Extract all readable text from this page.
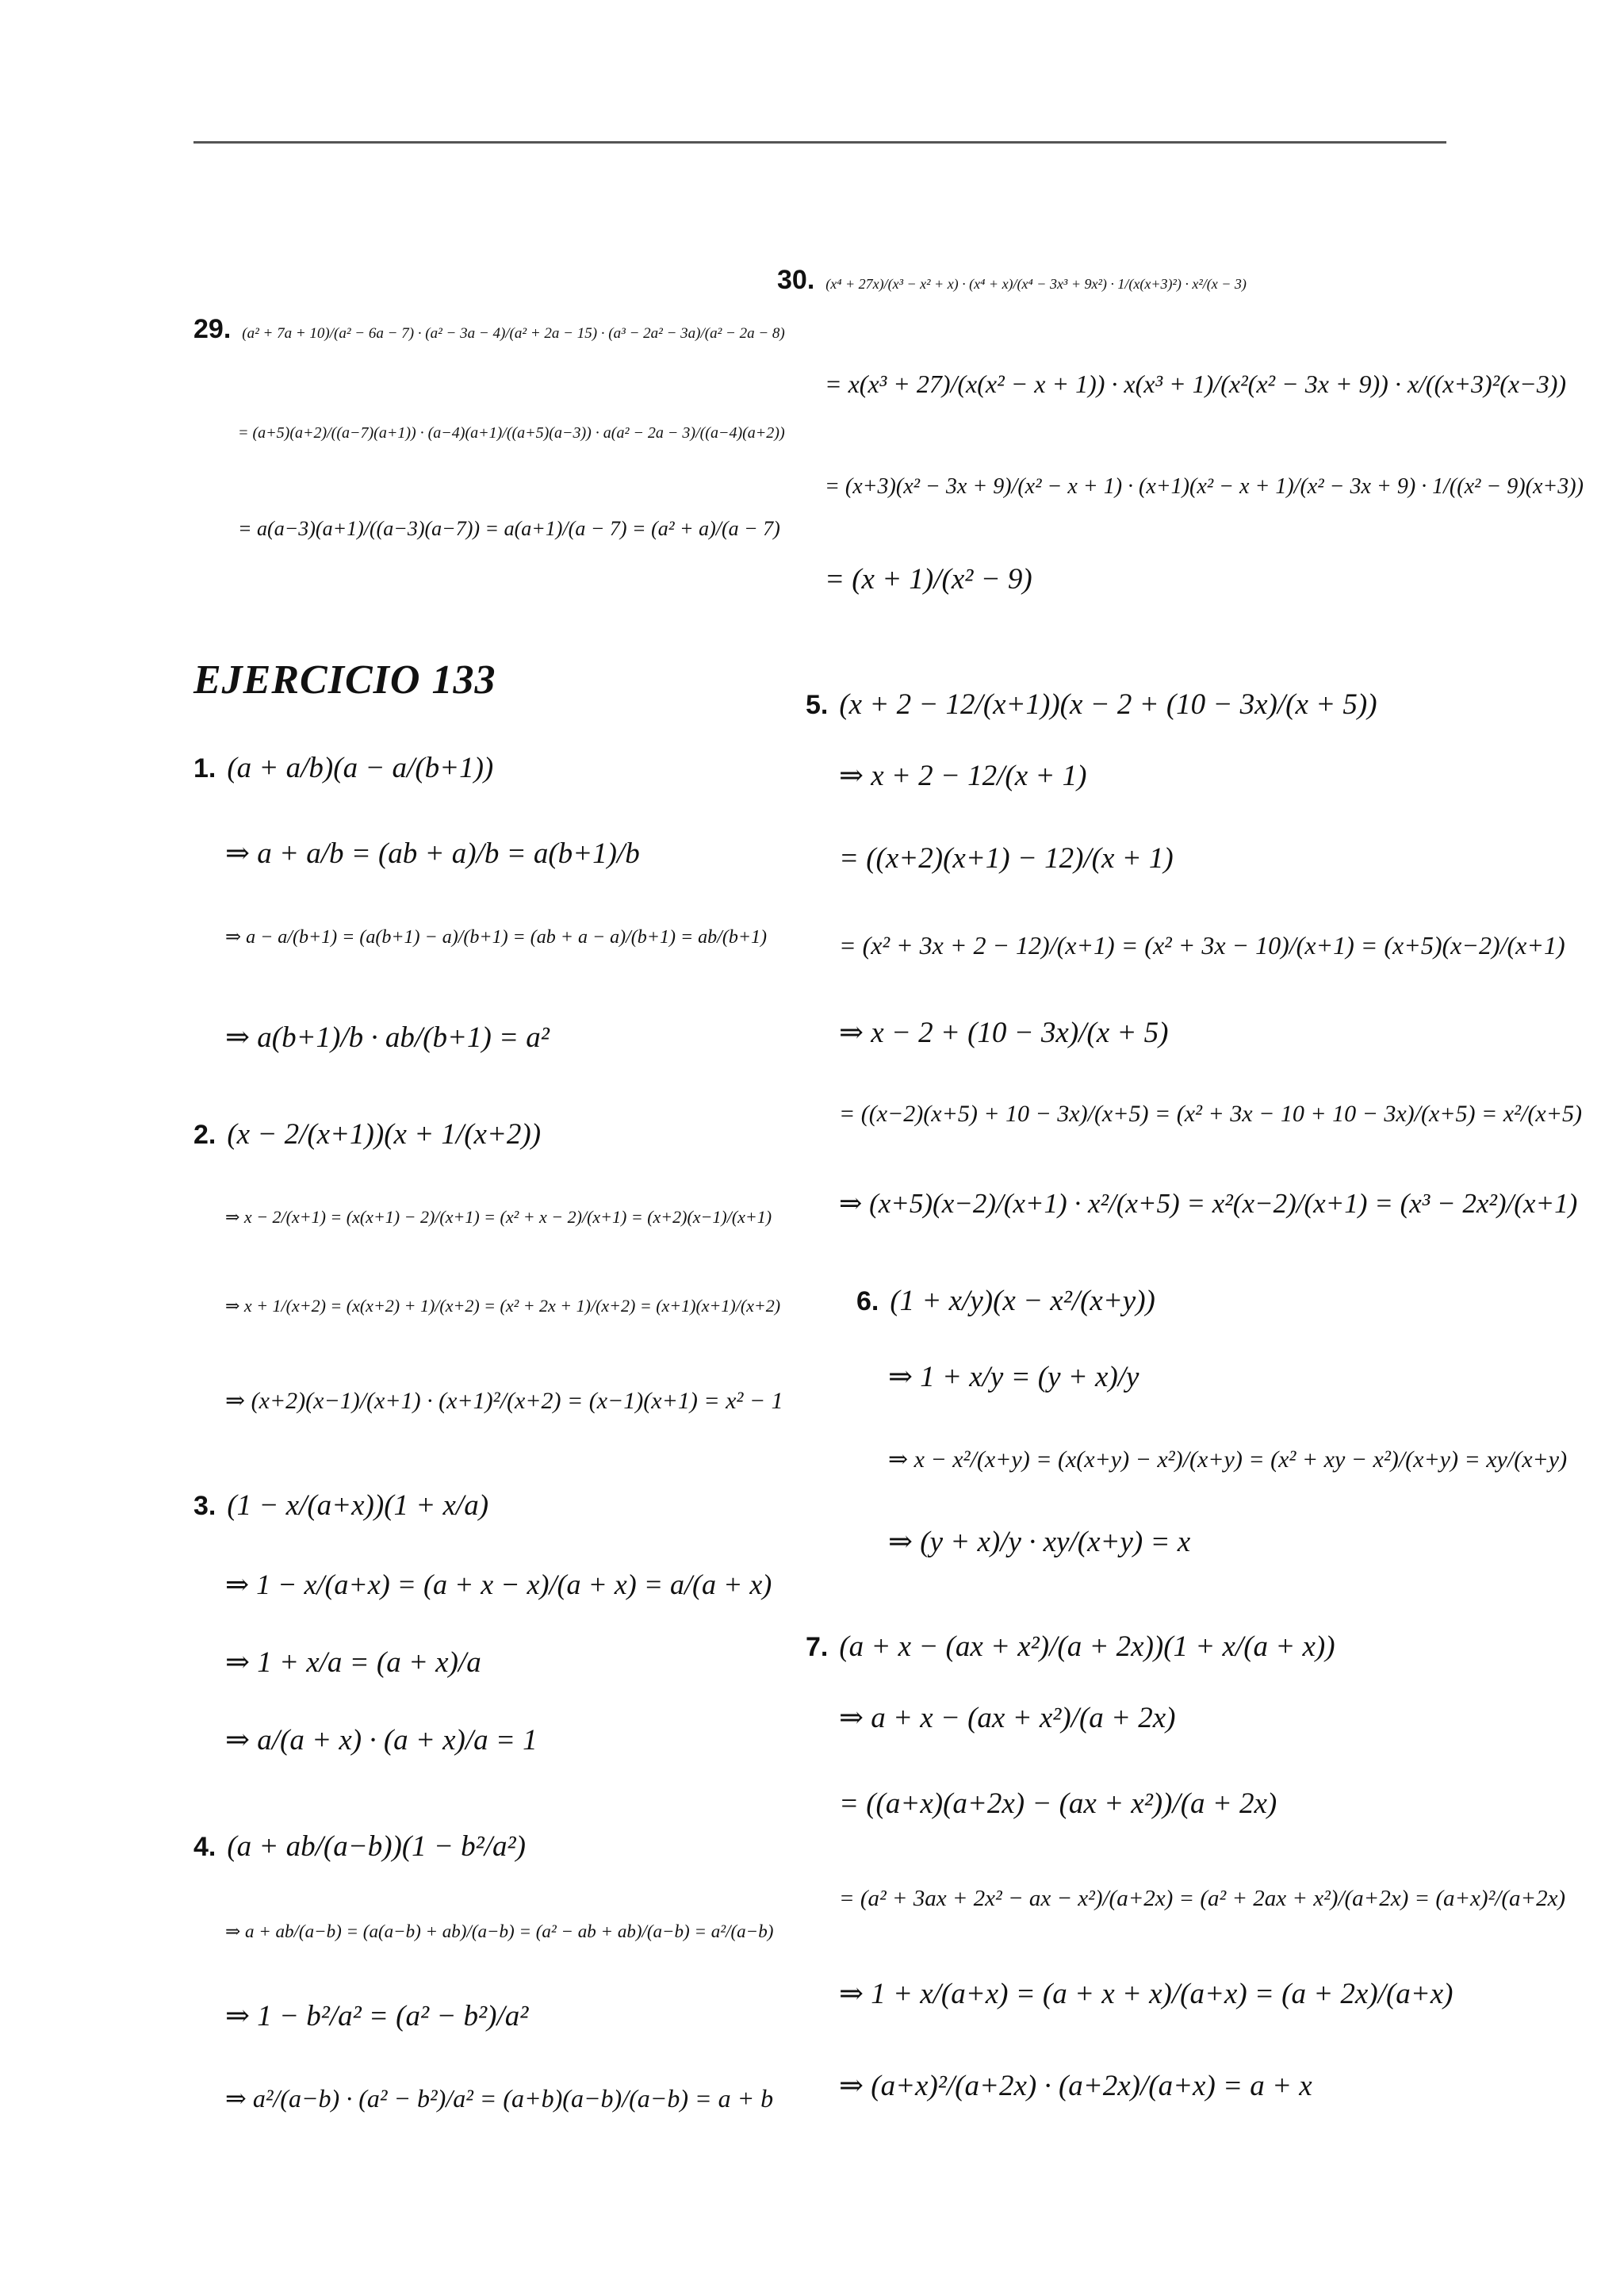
29. (a² + 7a + 10)/(a² − 6a − 7) · (a² − 3a − 4)/(a² + 2a − 15) · (a³ − 2a² − 3a)/(a² − 2a − 8)
= (a+5)(a+2)/((a−7)(a+1)) · (a−4)(a+1)/((a+5)(a−3)) · a(a² − 2a − 3)/((a−4)(a+2))
= a(a−3)(a+1)/((a−3)(a−7)) = a(a+1)/(a − 7) = (a² + a)/(a − 7)
30. (x⁴ + 27x)/(x³ − x² + x) · (x⁴ + x)/(x⁴ − 3x³ + 9x²) · 1/(x(x+3)²) · x²/(x − 3)
= x(x³ + 27)/(x(x² − x + 1)) · x(x³ + 1)/(x²(x² − 3x + 9)) · x/((x+3)²(x−3))
= (x+3)(x² − 3x + 9)/(x² − x + 1) · (x+1)(x² − x + 1)/(x² − 3x + 9) · 1/((x² − 9)(x+3))
= (x + 1)/(x² − 9)
EJERCICIO 133
1. (a + a/b)(a − a/(b+1))
⇒ a + a/b = (ab + a)/b = a(b+1)/b
⇒ a − a/(b+1) = (a(b+1) − a)/(b+1) = (ab + a − a)/(b+1) = ab/(b+1)
⇒ a(b+1)/b · ab/(b+1) = a²
2. (x − 2/(x+1))(x + 1/(x+2))
⇒ x − 2/(x+1) = (x(x+1) − 2)/(x+1) = (x² + x − 2)/(x+1) = (x+2)(x−1)/(x+1)
⇒ x + 1/(x+2) = (x(x+2) + 1)/(x+2) = (x² + 2x + 1)/(x+2) = (x+1)(x+1)/(x+2)
⇒ (x+2)(x−1)/(x+1) · (x+1)²/(x+2) = (x−1)(x+1) = x² − 1
3. (1 − x/(a+x))(1 + x/a)
⇒ 1 − x/(a+x) = (a + x − x)/(a + x) = a/(a + x)
⇒ 1 + x/a = (a + x)/a
⇒ a/(a + x) · (a + x)/a = 1
4. (a + ab/(a−b))(1 − b²/a²)
⇒ a + ab/(a−b) = (a(a−b) + ab)/(a−b) = (a² − ab + ab)/(a−b) = a²/(a−b)
⇒ 1 − b²/a² = (a² − b²)/a²
⇒ a²/(a−b) · (a² − b²)/a² = (a+b)(a−b)/(a−b) = a + b
5. (x + 2 − 12/(x+1))(x − 2 + (10 − 3x)/(x + 5))
⇒ x + 2 − 12/(x + 1)
= ((x+2)(x+1) − 12)/(x + 1)
= (x² + 3x + 2 − 12)/(x+1) = (x² + 3x − 10)/(x+1) = (x+5)(x−2)/(x+1)
⇒ x − 2 + (10 − 3x)/(x + 5)
= ((x−2)(x+5) + 10 − 3x)/(x+5) = (x² + 3x − 10 + 10 − 3x)/(x+5) = x²/(x+5)
⇒ (x+5)(x−2)/(x+1) · x²/(x+5) = x²(x−2)/(x+1) = (x³ − 2x²)/(x+1)
6. (1 + x/y)(x − x²/(x+y))
⇒ 1 + x/y = (y + x)/y
⇒ x − x²/(x+y) = (x(x+y) − x²)/(x+y) = (x² + xy − x²)/(x+y) = xy/(x+y)
⇒ (y + x)/y · xy/(x+y) = x
7. (a + x − (ax + x²)/(a + 2x))(1 + x/(a + x))
⇒ a + x − (ax + x²)/(a + 2x)
= ((a+x)(a+2x) − (ax + x²))/(a + 2x)
= (a² + 3ax + 2x² − ax − x²)/(a+2x) = (a² + 2ax + x²)/(a+2x) = (a+x)²/(a+2x)
⇒ 1 + x/(a+x) = (a + x + x)/(a+x) = (a + 2x)/(a+x)
⇒ (a+x)²/(a+2x) · (a+2x)/(a+x) = a + x
